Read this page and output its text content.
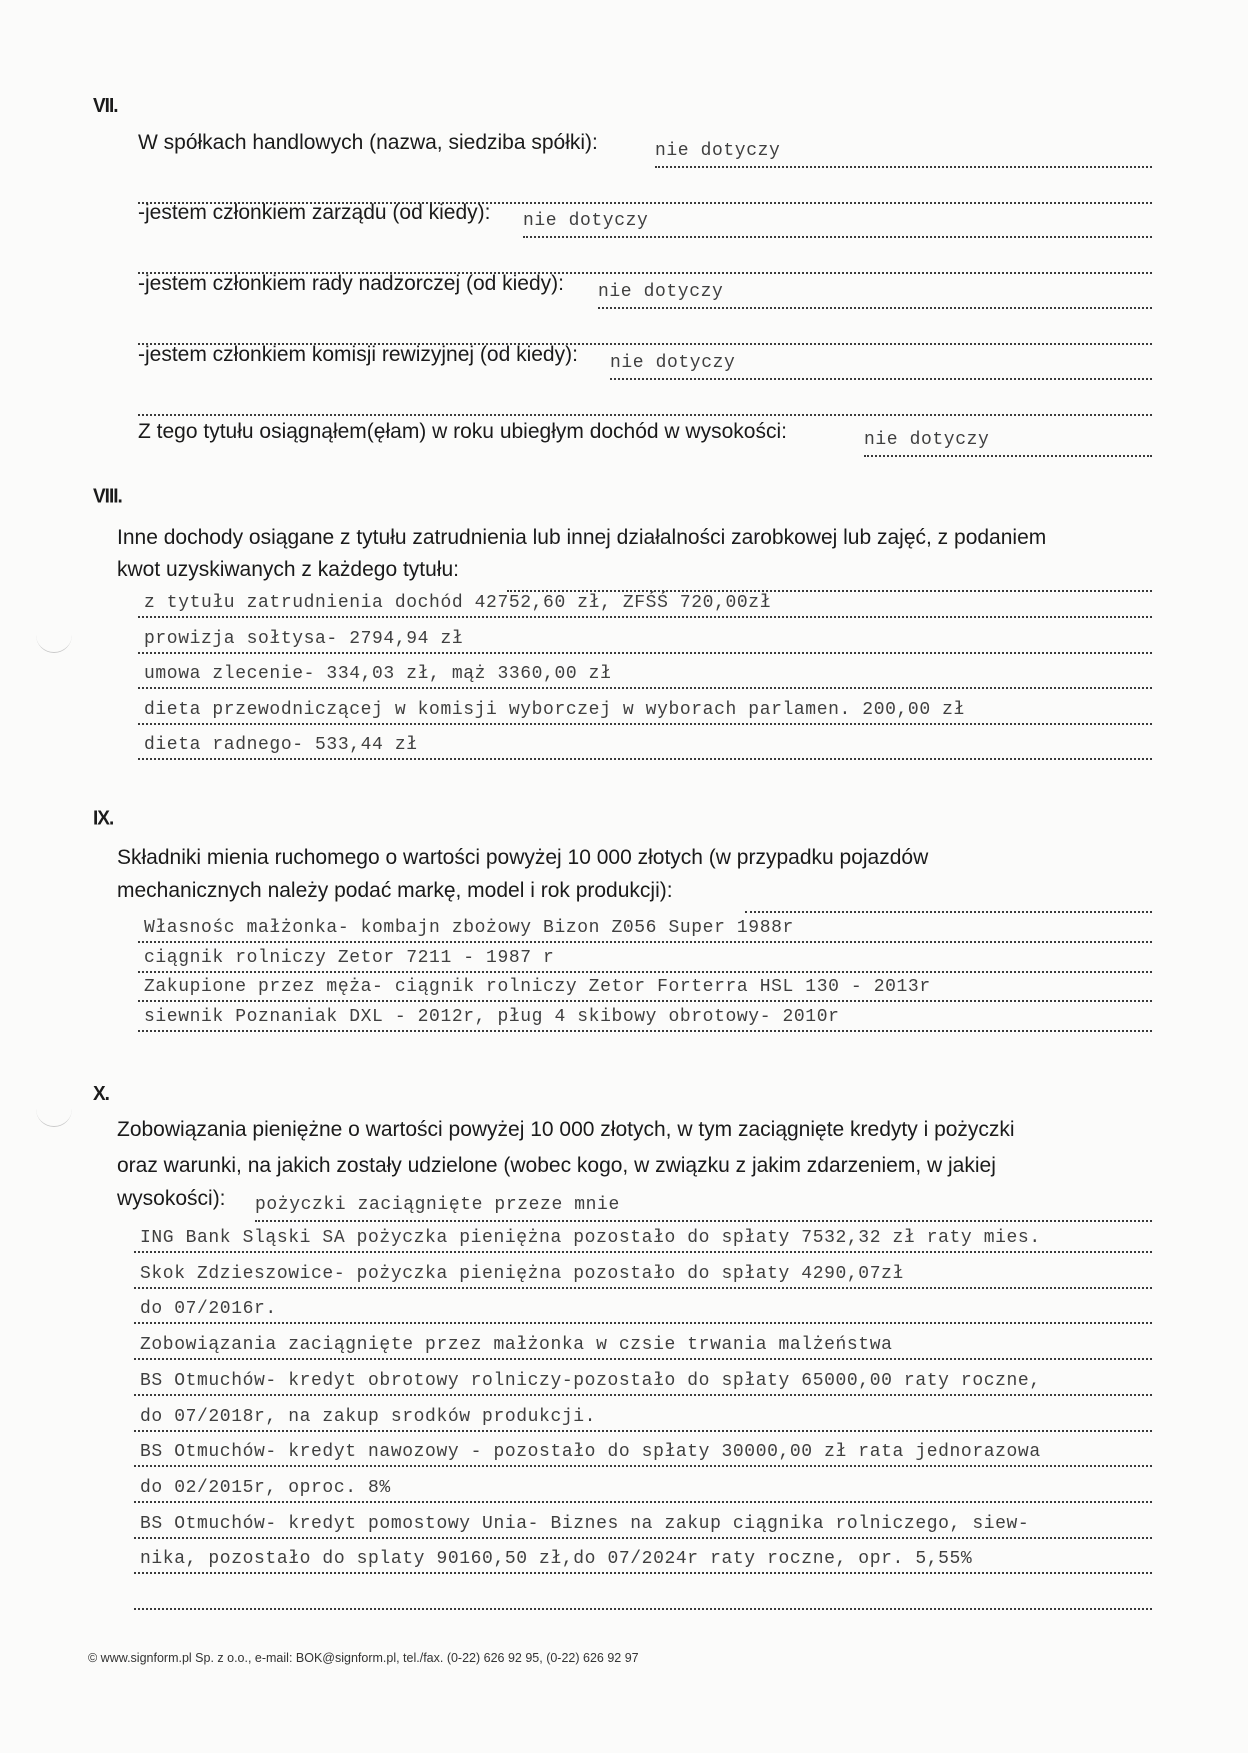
VII.
W spółkach handlowych (nazwa, siedziba spółki):	nie dotyczy
-jestem członkiem zarządu (od kiedy): nie dotyczy
-jestem członkiem rady nadzorczej (od kiedy): nie dotyczy
-jestem członkiem komisji rewizyjnej (od kiedy): nie dotyczy
Z tego tytułu osiągnąłem(ęłam) w roku ubiegłym dochód w wysokości:	nie dotyczy
VIII.
Inne dochody osiągane z tytułu zatrudnienia lub innej działalności zarobkowej lub zajęć, z podaniem
kwot uzyskiwanych z każdego tytułu:
z tytułu zatrudnienia dochód 42752,60 zł, ZFŚŚ 720,00zł
prowizja sołtysa- 2794,94 zł
umowa zlecenie- 334,03 zł, mąż 3360,00 zł
dieta przewodniczącej w komisji wyborczej w wyborach parlamen. 200,00 zł
dieta radnego- 533,44 zł
IX.
Składniki mienia ruchomego o wartości powyżej 10 000 złotych (w przypadku pojazdów
mechanicznych należy podać markę, model i rok produkcji):
Własnośc małżonka- kombajn zbożowy Bizon Z056 Super 1988r
ciągnik rolniczy Zetor 7211 - 1987 r
Zakupione przez męża- ciągnik rolniczy Zetor Forterra HSL 130 - 2013r
siewnik Poznaniak DXL - 2012r, pług 4 skibowy obrotowy- 2010r
X.
Zobowiązania pieniężne o wartości powyżej 10 000 złotych, w tym zaciągnięte kredyty i pożyczki
oraz warunki, na jakich zostały udzielone (wobec kogo, w związku z jakim zdarzeniem, w jakiej
wysokości): pożyczki zaciągnięte przeze mnie
ING Bank Sląski SA pożyczka pieniężna pozostało do spłaty 7532,32 zł raty mies.
Skok Zdzieszowice- pożyczka pieniężna pozostało do spłaty 4290,07zł
do 07/2016r.
Zobowiązania zaciągnięte przez małżonka w czsie trwania malżeństwa
BS Otmuchów- kredyt obrotowy rolniczy-pozostało do spłaty 65000,00 raty roczne,
do 07/2018r, na zakup srodków produkcji.
BS Otmuchów- kredyt nawozowy - pozostało do spłaty 30000,00 zł rata jednorazowa
do 02/2015r, oproc. 8%
BS Otmuchów- kredyt pomostowy Unia- Biznes na zakup ciągnika rolniczego, siew-
nika, pozostało do splaty 90160,50 zł,do 07/2024r raty roczne, opr. 5,55%
© www.signform.pl Sp. z o.o., e-mail: BOK@signform.pl, tel./fax. (0-22) 626 92 95, (0-22) 626 92 97
